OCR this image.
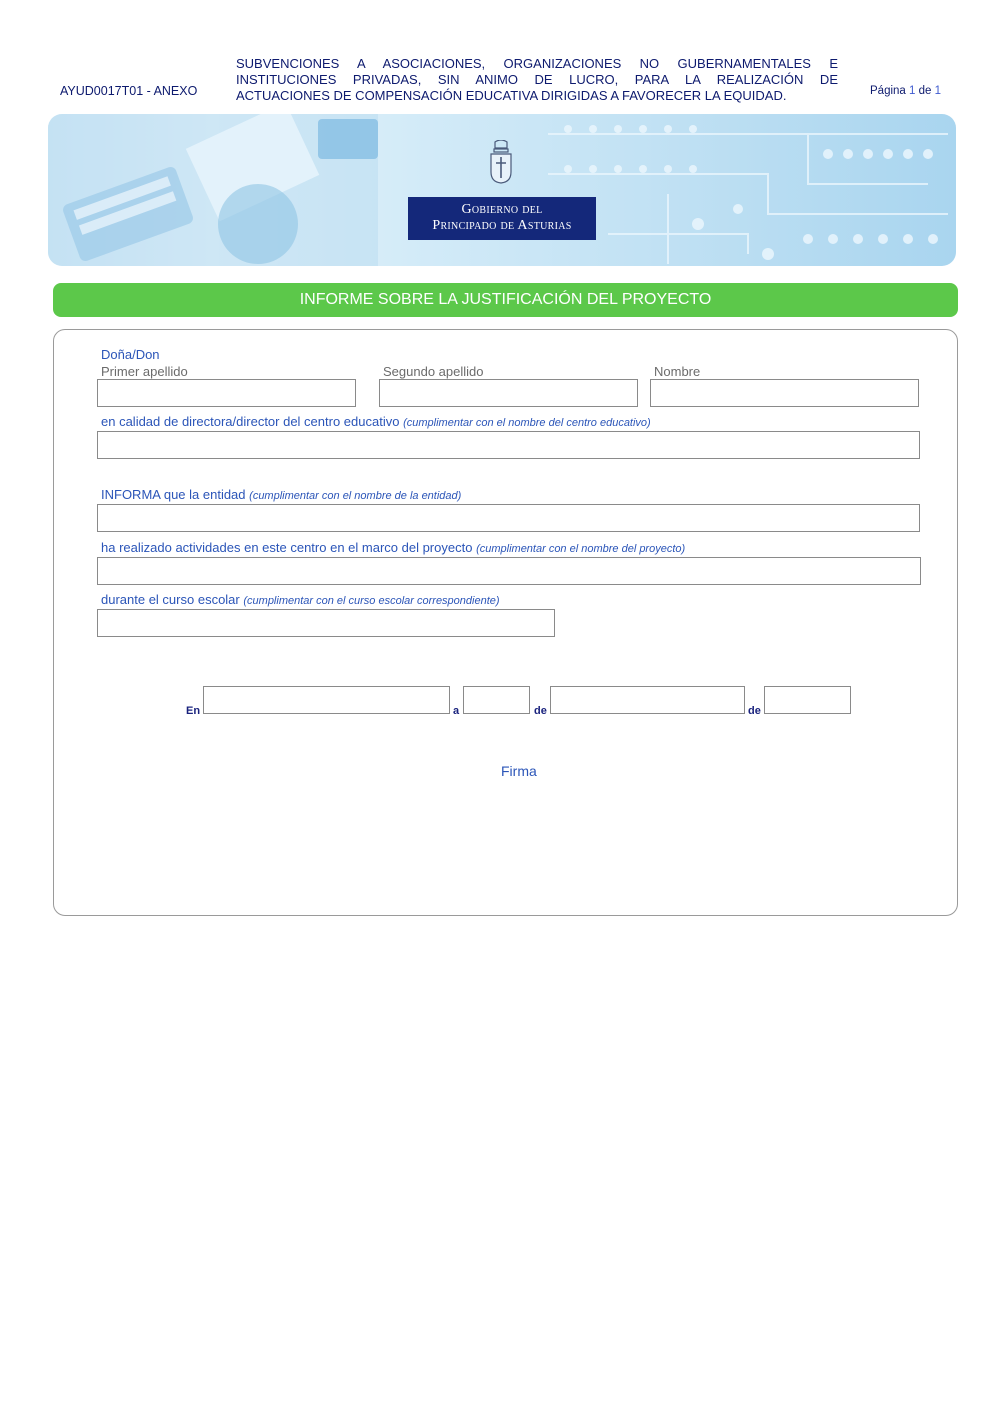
AYUD0017T01 - ANEXO
SUBVENCIONES A ASOCIACIONES, ORGANIZACIONES NO GUBERNAMENTALES E
INSTITUCIONES PRIVADAS, SIN ANIMO DE LUCRO, PARA LA REALIZACIÓN DE
ACTUACIONES DE COMPENSACIÓN EDUCATIVA DIRIGIDAS A FAVORECER LA EQUIDAD.	Página 1 de 1
Gobierno del
Principado de Asturias
INFORME SOBRE LA JUSTIFICACIÓN DEL PROYECTO
Doña/Don
Primer apellido	Segundo apellido	Nombre
en calidad de directora/director del centro educativo (cumplimentar con el nombre del centro educativo)
INFORMA que la entidad (cumplimentar con el nombre de la entidad)
ha realizado actividades en este centro en el marco del proyecto (cumplimentar con el nombre del proyecto)
durante el curso escolar (cumplimentar con el curso escolar correspondiente)
En	a	de	de
Firma
